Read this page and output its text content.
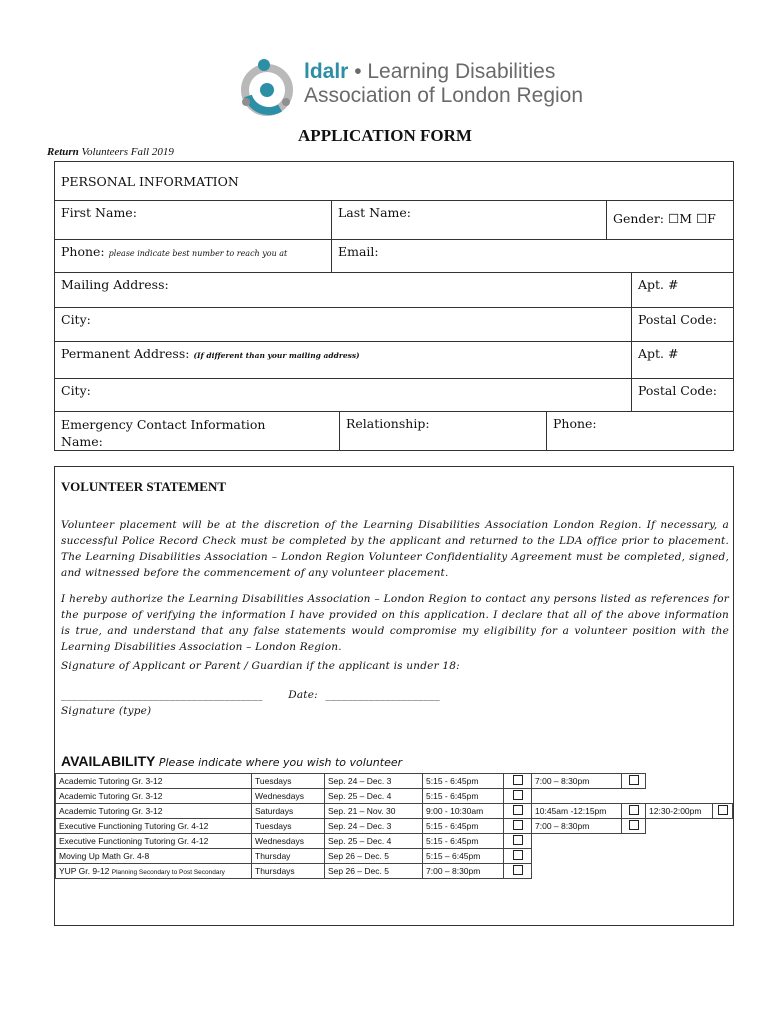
ldalr • Learning Disabilities
Association of London Region
APPLICATION FORM
Return Volunteers Fall 2019
PERSONAL INFORMATION
First Name:	Last Name:	Gender: ☐M ☐F
Phone: please indicate best number to reach you at	Email:
Mailing Address:	Apt. #
City:	Postal Code:
Permanent Address: (If different than your mailing address)	Apt. #
City:	Postal Code:
Emergency Contact Information
Name:
Relationship:	Phone:
VOLUNTEER STATEMENT
Volunteer placement will be at the discretion of the Learning Disabilities Association London Region. If necessary, a successful Police Record Check must be completed by the applicant and returned to the LDA office prior to placement. The Learning Disabilities Association – London Region Volunteer Confidentiality Agreement must be completed, signed, and witnessed before the commencement of any volunteer placement.
I hereby authorize the Learning Disabilities Association – London Region to contact any persons listed as references for the purpose of verifying the information I have provided on this application. I declare that all of the above information is true, and understand that any false statements would compromise my eligibility for a volunteer position with the Learning Disabilities Association – London Region.
Signature of Applicant or Parent / Guardian if the applicant is under 18:
_____________________________________ Date: _____________________
Signature (type)
AVAILABILITY Please indicate where you wish to volunteer
Academic Tutoring Gr. 3-12	Tuesdays	Sep. 24 – Dec. 3	5:15 - 6:45pm		7:00 – 8:30pm			
Academic Tutoring Gr. 3-12	Wednesdays	Sep. 25 – Dec. 4	5:15 - 6:45pm					
Academic Tutoring Gr. 3-12	Saturdays	Sep. 21 – Nov. 30	9:00 - 10:30am		10:45am -12:15pm		12:30-2:00pm	
Executive Functioning Tutoring Gr. 4-12	Tuesdays	Sep. 24 – Dec. 3	5:15 - 6:45pm		7:00 – 8:30pm			
Executive Functioning Tutoring Gr. 4-12	Wednesdays	Sep. 25 – Dec. 4	5:15 - 6:45pm					
Moving Up Math Gr. 4-8	Thursday	Sep 26 – Dec. 5	5:15 – 6:45pm					
YUP Gr. 9-12 Planning Secondary to Post Secondary	Thursdays	Sep 26 – Dec. 5	7:00 – 8:30pm					
